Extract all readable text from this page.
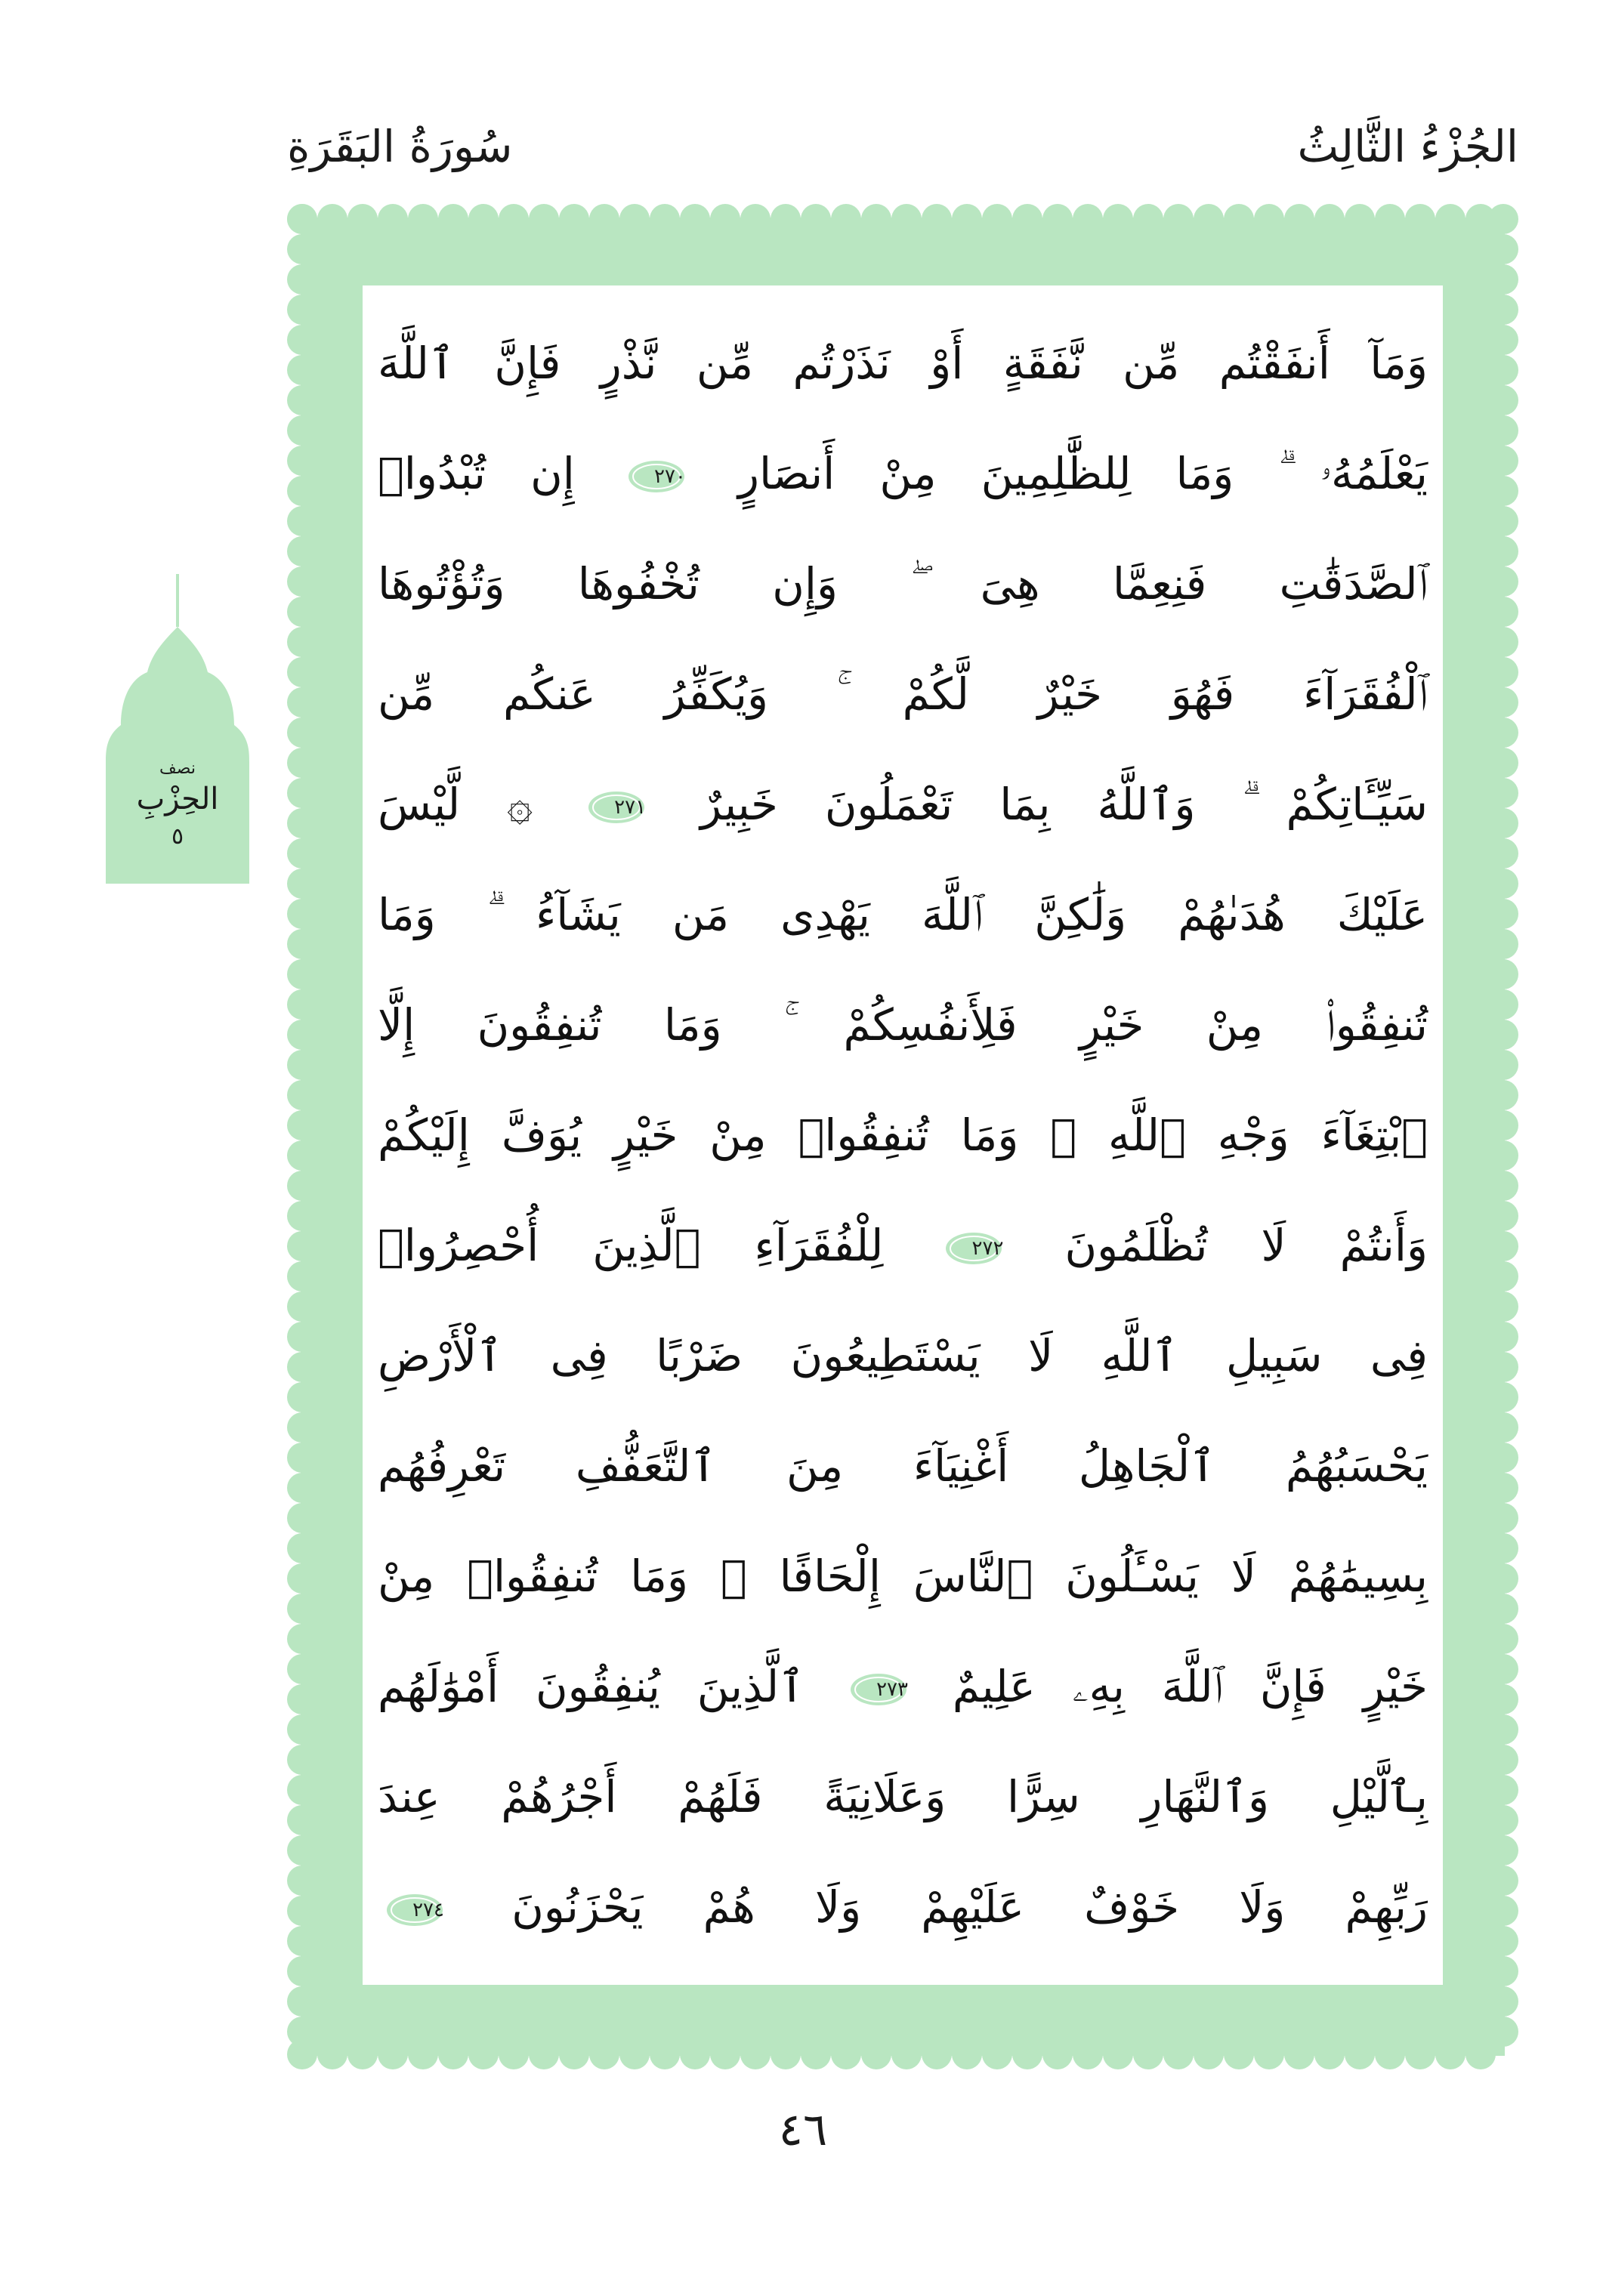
الجُزْءُ الثَّالِثُ
سُورَةُ البَقَرَةِ
وَمَآ أَنفَقْتُم مِّن نَّفَقَةٍ أَوْ نَذَرْتُم مِّن نَّذْرٍ فَإِنَّ ٱللَّهَ
يَعْلَمُهُۥ ۗ وَمَا لِلظَّٰلِمِينَ مِنْ أَنصَارٍ
٢٧٠
إِن تُبْدُوا۟
ٱلصَّدَقَٰتِ فَنِعِمَّا هِىَ ۖ وَإِن تُخْفُوهَا وَتُؤْتُوهَا
ٱلْفُقَرَآءَ فَهُوَ خَيْرٌ لَّكُمْ ۚ وَيُكَفِّرُ عَنكُم مِّن
سَيِّـَٔاتِكُمْ ۗ وَٱللَّهُ بِمَا تَعْمَلُونَ خَبِيرٌ
٢٧١
۞ لَّيْسَ
عَلَيْكَ هُدَىٰهُمْ وَلَٰكِنَّ ٱللَّهَ يَهْدِى مَن يَشَآءُ ۗ وَمَا
تُنفِقُوا۟ مِنْ خَيْرٍ فَلِأَنفُسِكُمْ ۚ وَمَا تُنفِقُونَ إِلَّا
ٱبْتِغَآءَ وَجْهِ ٱللَّهِ ۚ وَمَا تُنفِقُوا۟ مِنْ خَيْرٍ يُوَفَّ إِلَيْكُمْ
وَأَنتُمْ لَا تُظْلَمُونَ
٢٧٢
لِلْفُقَرَآءِ ٱلَّذِينَ أُحْصِرُوا۟
فِى سَبِيلِ ٱللَّهِ لَا يَسْتَطِيعُونَ ضَرْبًا فِى ٱلْأَرْضِ
يَحْسَبُهُمُ ٱلْجَاهِلُ أَغْنِيَآءَ مِنَ ٱلتَّعَفُّفِ تَعْرِفُهُم
بِسِيمَٰهُمْ لَا يَسْـَٔلُونَ ٱلنَّاسَ إِلْحَافًا ۗ وَمَا تُنفِقُوا۟ مِنْ
خَيْرٍ فَإِنَّ ٱللَّهَ بِهِۦ عَلِيمٌ
٢٧٣
ٱلَّذِينَ يُنفِقُونَ أَمْوَٰلَهُم
بِٱلَّيْلِ وَٱلنَّهَارِ سِرًّا وَعَلَانِيَةً فَلَهُمْ أَجْرُهُمْ عِندَ
رَبِّهِمْ وَلَا خَوْفٌ عَلَيْهِمْ وَلَا هُمْ يَحْزَنُونَ
٢٧٤
نصف
الحِزْبِ
٥
٤٦
